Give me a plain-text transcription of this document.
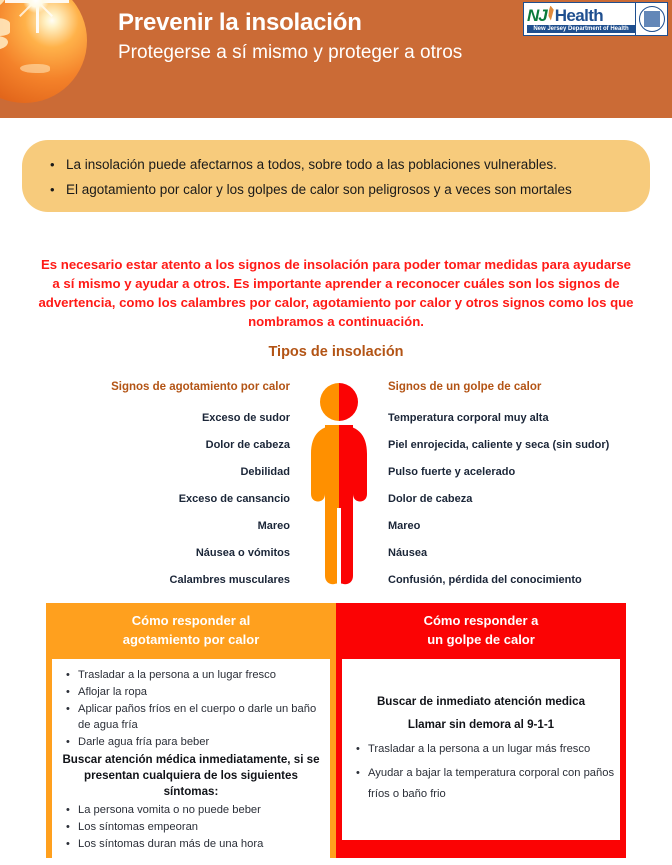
Prevenir la insolación
Protegerse a sí mismo y proteger a otros
NJ Health
New Jersey Department of Health
• La insolación puede afectarnos a todos, sobre todo a las poblaciones vulnerables.
• El agotamiento por calor y los golpes de calor son peligrosos y a veces son mortales
Es necesario estar atento a los signos de insolación para poder tomar medidas para ayudarse a sí mismo y ayudar a otros. Es importante aprender a reconocer cuáles son los signos de advertencia, como los calambres por calor, agotamiento por calor y otros signos como los que nombramos a continuación.
Tipos de insolación
Signos de agotamiento por calor
Exceso de sudor
Dolor de cabeza
Debilidad
Exceso de cansancio
Mareo
Náusea o vómitos
Calambres musculares
Signos de un golpe de calor
Temperatura corporal muy alta
Piel enrojecida, caliente y seca (sin sudor)
Pulso fuerte y acelerado
Dolor de cabeza
Mareo
Náusea
Confusión, pérdida del conocimiento
Cómo responder al
agotamiento por calor
• Trasladar a la persona a un lugar fresco
• Aflojar la ropa
• Aplicar paños fríos en el cuerpo o darle un baño de agua fría
• Darle agua fría para beber
Buscar atención médica inmediatamente, si se presentan cualquiera de los siguientes síntomas:
• La persona vomita o no puede beber
• Los síntomas empeoran
• Los síntomas duran más de una hora
Cómo responder a
un golpe de calor
Buscar de inmediato atención medica
Llamar sin demora al 9-1-1
• Trasladar a la persona a un lugar más fresco
• Ayudar a bajar la temperatura corporal con paños fríos o baño frio
